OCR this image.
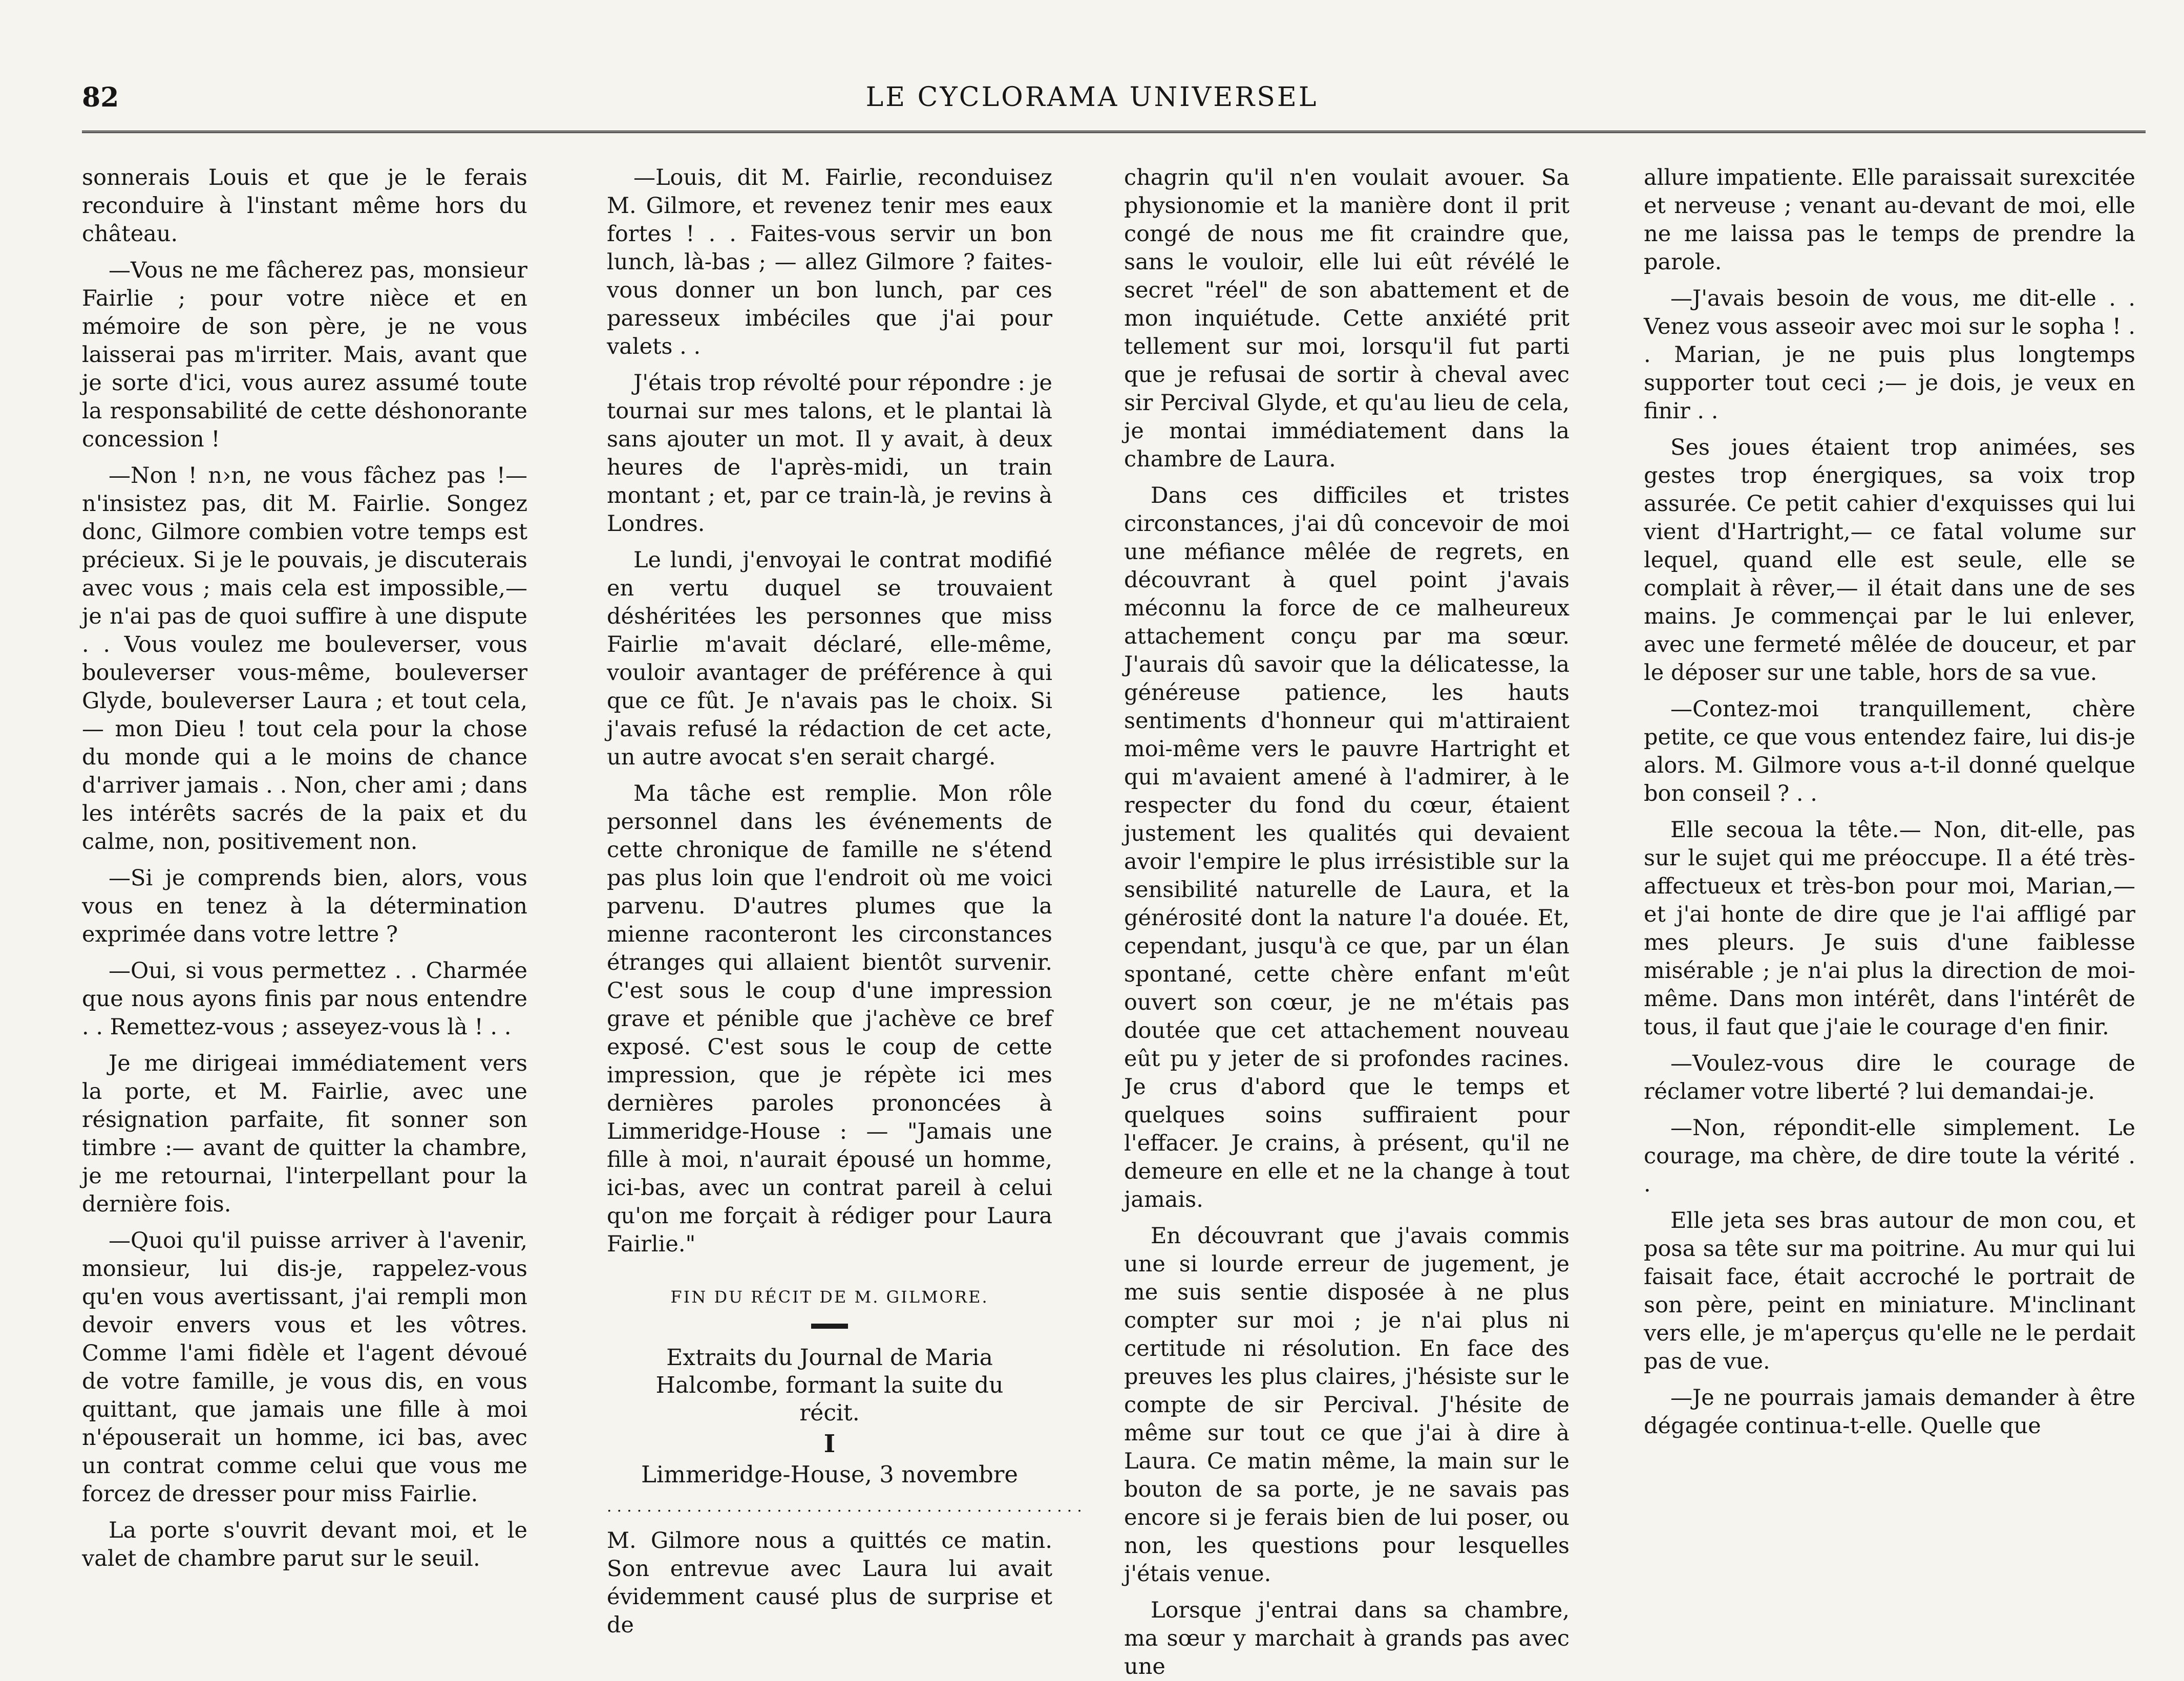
82	LE CYCLORAMA UNIVERSEL

sonnerais Louis et que je le ferais reconduire à l'instant même hors du château.

—Vous ne me fâcherez pas, monsieur Fairlie ; pour votre nièce et en mémoire de son père, je ne vous laisserai pas m'irriter. Mais, avant que je sorte d'ici, vous aurez assumé toute la responsabilité de cette déshonorante concession !

—Non ! n›n, ne vous fâchez pas !— n'insistez pas, dit M. Fairlie. Songez donc, Gilmore combien votre temps est précieux. Si je le pouvais, je discuterais avec vous ; mais cela est impossible,— je n'ai pas de quoi suffire à une dispute . . Vous voulez me bouleverser, vous bouleverser vous-même, bouleverser Glyde, bouleverser Laura ; et tout cela,— mon Dieu ! tout cela pour la chose du monde qui a le moins de chance d'arriver jamais . . Non, cher ami ; dans les intérêts sacrés de la paix et du calme, non, positivement non.

—Si je comprends bien, alors, vous vous en tenez à la détermination exprimée dans votre lettre ?

—Oui, si vous permettez . . Charmée que nous ayons finis par nous entendre . . Remettez-vous ; asseyez-vous là ! . .

Je me dirigeai immédiatement vers la porte, et M. Fairlie, avec une résignation parfaite, fit sonner son timbre :— avant de quitter la chambre, je me retournai, l'interpellant pour la dernière fois.

—Quoi qu'il puisse arriver à l'avenir, monsieur, lui dis-je, rappelez-vous qu'en vous avertissant, j'ai rempli mon devoir envers vous et les vôtres. Comme l'ami fidèle et l'agent dévoué de votre famille, je vous dis, en vous quittant, que jamais une fille à moi n'épouserait un homme, ici bas, avec un contrat comme celui que vous me forcez de dresser pour miss Fairlie.

La porte s'ouvrit devant moi, et le valet de chambre parut sur le seuil.

—Louis, dit M. Fairlie, reconduisez M. Gilmore, et revenez tenir mes eaux fortes ! . . Faites-vous servir un bon lunch, là-bas ; — allez Gilmore ? faites-vous donner un bon lunch, par ces paresseux imbéciles que j'ai pour valets . .

J'étais trop révolté pour répondre : je tournai sur mes talons, et le plantai là sans ajouter un mot. Il y avait, à deux heures de l'après-midi, un train montant ; et, par ce train-là, je revins à Londres.

Le lundi, j'envoyai le contrat modifié en vertu duquel se trouvaient déshéritées les personnes que miss Fairlie m'avait déclaré, elle-même, vouloir avantager de préférence à qui que ce fût. Je n'avais pas le choix. Si j'avais refusé la rédaction de cet acte, un autre avocat s'en serait chargé.

Ma tâche est remplie. Mon rôle personnel dans les événements de cette chronique de famille ne s'étend pas plus loin que l'endroit où me voici parvenu. D'autres plumes que la mienne raconteront les circonstances étranges qui allaient bientôt survenir. C'est sous le coup d'une impression grave et pénible que j'achève ce bref exposé. C'est sous le coup de cette impression, que je répète ici mes dernières paroles prononcées à Limmeridge-House : — "Jamais une fille à moi, n'aurait épousé un homme, ici-bas, avec un contrat pareil à celui qu'on me forçait à rédiger pour Laura Fairlie."

FIN DU RÉCIT DE M. GILMORE.
Extraits du Journal de Maria Halcombe, formant la suite du récit.
I
Limmeridge-House, 3 novembre
................................................

M. Gilmore nous a quittés ce matin. Son entrevue avec Laura lui avait évidemment causé plus de surprise et de

chagrin qu'il n'en voulait avouer. Sa physionomie et la manière dont il prit congé de nous me fit craindre que, sans le vouloir, elle lui eût révélé le secret "réel" de son abattement et de mon inquiétude. Cette anxiété prit tellement sur moi, lorsqu'il fut parti que je refusai de sortir à cheval avec sir Percival Glyde, et qu'au lieu de cela, je montai immédiatement dans la chambre de Laura.

Dans ces difficiles et tristes circonstances, j'ai dû concevoir de moi une méfiance mêlée de regrets, en découvrant à quel point j'avais méconnu la force de ce malheureux attachement conçu par ma sœur. J'aurais dû savoir que la délicatesse, la généreuse patience, les hauts sentiments d'honneur qui m'attiraient moi-même vers le pauvre Hartright et qui m'avaient amené à l'admirer, à le respecter du fond du cœur, étaient justement les qualités qui devaient avoir l'empire le plus irrésistible sur la sensibilité naturelle de Laura, et la générosité dont la nature l'a douée. Et, cependant, jusqu'à ce que, par un élan spontané, cette chère enfant m'eût ouvert son cœur, je ne m'étais pas doutée que cet attachement nouveau eût pu y jeter de si profondes racines. Je crus d'abord que le temps et quelques soins suffiraient pour l'effacer. Je crains, à présent, qu'il ne demeure en elle et ne la change à tout jamais.

En découvrant que j'avais commis une si lourde erreur de jugement, je me suis sentie disposée à ne plus compter sur moi ; je n'ai plus ni certitude ni résolution. En face des preuves les plus claires, j'hésiste sur le compte de sir Percival. J'hésite de même sur tout ce que j'ai à dire à Laura. Ce matin même, la main sur le bouton de sa porte, je ne savais pas encore si je ferais bien de lui poser, ou non, les questions pour lesquelles j'étais venue.

Lorsque j'entrai dans sa chambre, ma sœur y marchait à grands pas avec une

allure impatiente. Elle paraissait surexcitée et nerveuse ; venant au-devant de moi, elle ne me laissa pas le temps de prendre la parole.

—J'avais besoin de vous, me dit-elle . . Venez vous asseoir avec moi sur le sopha ! . . Marian, je ne puis plus longtemps supporter tout ceci ;— je dois, je veux en finir . .

Ses joues étaient trop animées, ses gestes trop énergiques, sa voix trop assurée. Ce petit cahier d'exquisses qui lui vient d'Hartright,— ce fatal volume sur lequel, quand elle est seule, elle se complait à rêver,— il était dans une de ses mains. Je commençai par le lui enlever, avec une fermeté mêlée de douceur, et par le déposer sur une table, hors de sa vue.

—Contez-moi tranquillement, chère petite, ce que vous entendez faire, lui dis-je alors. M. Gilmore vous a-t-il donné quelque bon conseil ? . .

Elle secoua la tête.— Non, dit-elle, pas sur le sujet qui me préoccupe. Il a été très-affectueux et très-bon pour moi, Marian,— et j'ai honte de dire que je l'ai affligé par mes pleurs. Je suis d'une faiblesse misérable ; je n'ai plus la direction de moi-même. Dans mon intérêt, dans l'intérêt de tous, il faut que j'aie le courage d'en finir.

—Voulez-vous dire le courage de réclamer votre liberté ? lui demandai-je.

—Non, répondit-elle simplement. Le courage, ma chère, de dire toute la vérité . .

Elle jeta ses bras autour de mon cou, et posa sa tête sur ma poitrine. Au mur qui lui faisait face, était accroché le portrait de son père, peint en miniature. M'inclinant vers elle, je m'aperçus qu'elle ne le perdait pas de vue.

—Je ne pourrais jamais demander à être dégagée continua-t-elle. Quelle que
